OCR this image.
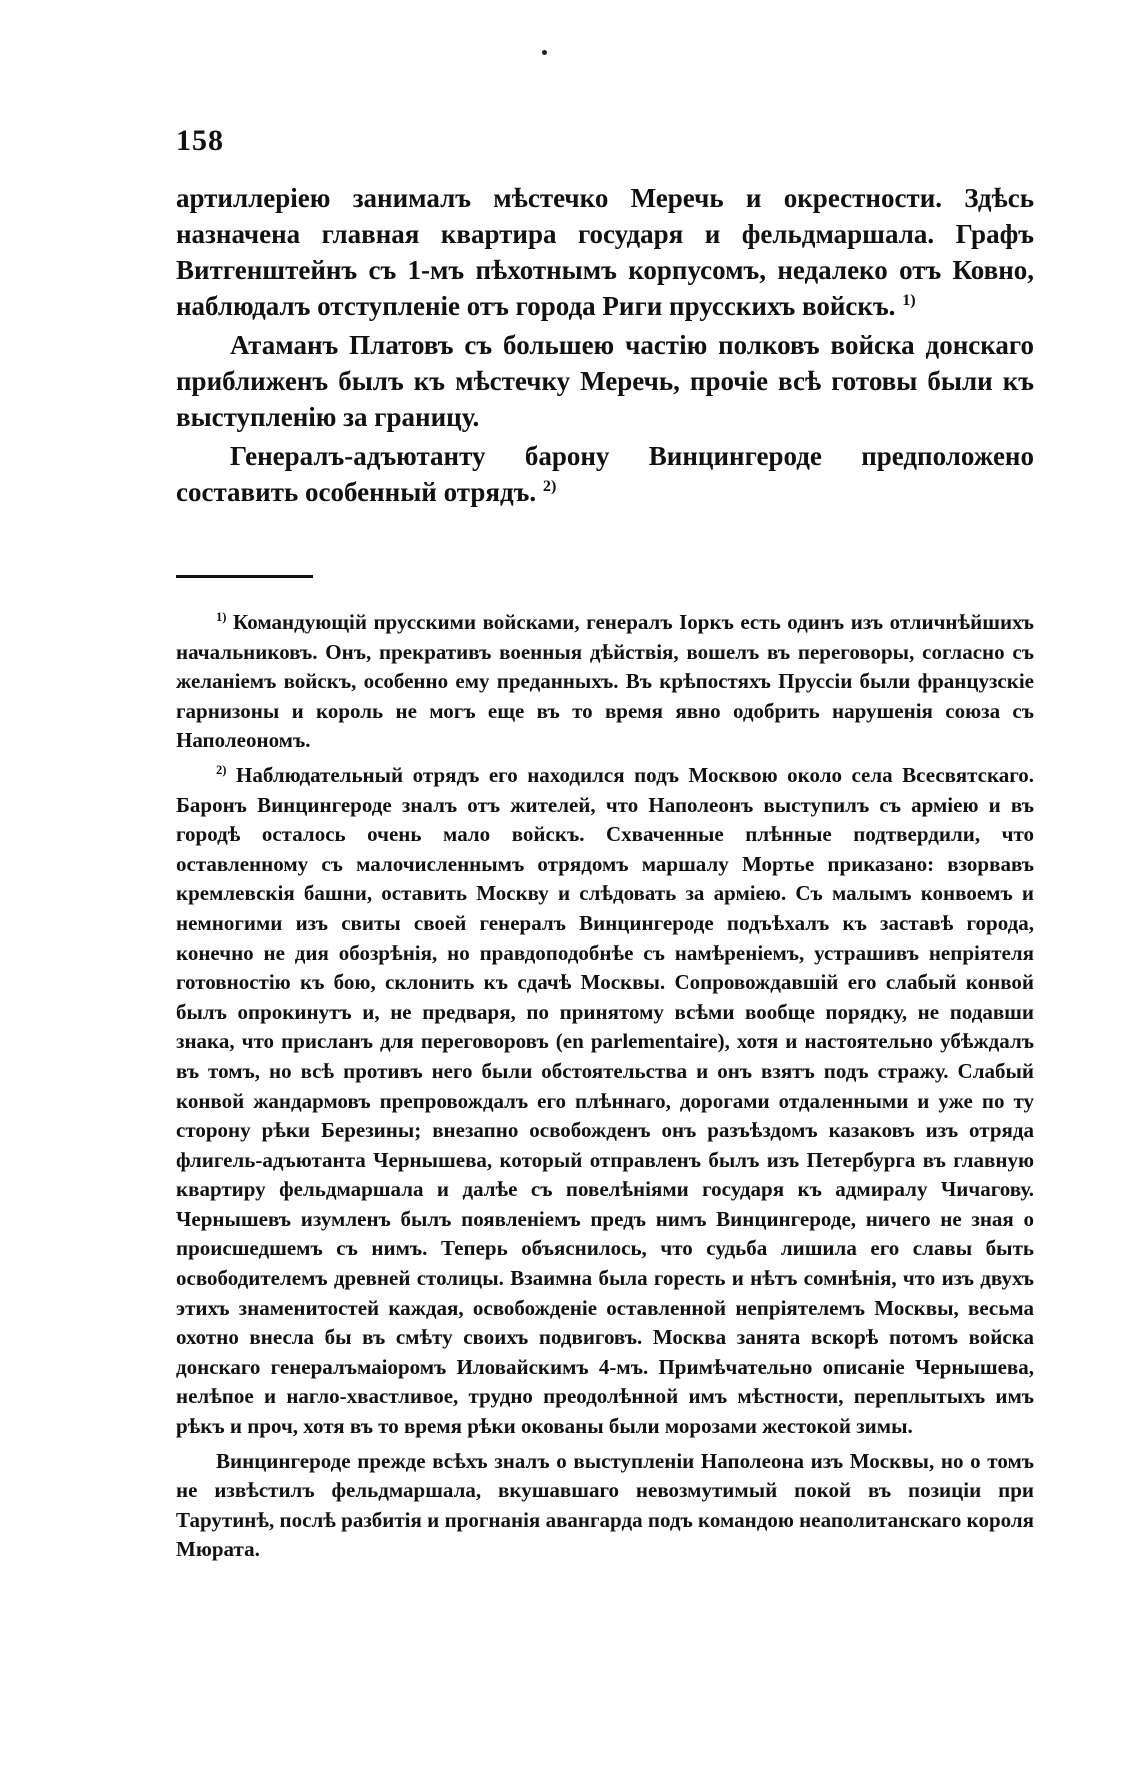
158

артиллеріею занималъ мѣстечко Меречь и окрестности. Здѣсь назначена главная квартира государя и фельдмаршала. Графъ Витгенштейнъ съ 1-мъ пѣхотнымъ корпусомъ, недалеко отъ Ковно, наблюдалъ отступленіе отъ города Риги прусскихъ войскъ. $^{1)}$

Атаманъ Платовъ съ большею частію полковъ войска донскаго приближенъ былъ къ мѣстечку Меречь, прочіе всѣ готовы были къ выступленію за границу.

Генералъ-адъютанту барону Винцингероде предположено составить особенный отрядъ. $^{2)}$

$^{1)}$ Командующій прусскими войсками, генералъ Іоркъ есть одинъ изъ отличнѣйшихъ начальниковъ. Онъ, прекративъ военныя дѣйствія, вошелъ въ переговоры, согласно съ желаніемъ войскъ, особенно ему преданныхъ. Въ крѣпостяхъ Пруссіи были французскіе гарнизоны и король не могъ еще въ то время явно одобрить нарушенія союза съ Наполеономъ.

$^{2)}$ Наблюдательный отрядъ его находился подъ Москвою около села Всесвятскаго. Баронъ Винцингероде зналъ отъ жителей, что Наполеонъ выступилъ съ арміею и въ городѣ осталось очень мало войскъ. Схваченные плѣнные подтвердили, что оставленному съ малочисленнымъ отрядомъ маршалу Мортье приказано: взорвавъ кремлевскія башни, оставить Москву и слѣдовать за арміею. Съ малымъ конвоемъ и немногими изъ свиты своей генералъ Винцингероде подъѣхалъ къ заставѣ города, конечно не дия обозрѣнія, но правдоподобнѣе съ намѣреніемъ, устрашивъ непріятеля готовностію къ бою, склонить къ сдачѣ Москвы. Сопровождавшій его слабый конвой былъ опрокинутъ и, не предваря, по принятому всѣми вообще порядку, не подавши знака, что присланъ для переговоровъ (en parlementaire), хотя и настоятельно убѣждалъ въ томъ, но всѣ противъ него были обстоятельства и онъ взятъ подъ стражу. Слабый конвой жандармовъ препровождалъ его плѣннаго, дорогами отдаленными и уже по ту сторону рѣки Березины; внезапно освобожденъ онъ разъѣздомъ казаковъ изъ отряда флигель-адъютанта Чернышева, который отправленъ былъ изъ Петербурга въ главную квартиру фельдмаршала и далѣе съ повелѣніями государя къ адмиралу Чичагову. Чернышевъ изумленъ былъ появленіемъ предъ нимъ Винцингероде, ничего не зная о происшедшемъ съ нимъ. Теперь объяснилось, что судьба лишила его славы быть освободителемъ древней столицы. Взаимна была горесть и нѣтъ сомнѣнія, что изъ двухъ этихъ знаменитостей каждая, освобожденіе оставленной непріятелемъ Москвы, весьма охотно внесла бы въ смѣту своихъ подвиговъ. Москва занята вскорѣ потомъ войска донскаго генералъмаіоромъ Иловайскимъ 4-мъ. Примѣчательно описаніе Чернышева, нелѣпое и нагло-хвастливое, трудно преодолѣнной имъ мѣстности, переплытыхъ имъ рѣкъ и проч, хотя въ то время рѣки окованы были морозами жестокой зимы.

Винцингероде прежде всѣхъ зналъ о выступленіи Наполеона изъ Москвы, но о томъ не извѣстилъ фельдмаршала, вкушавшаго невозмутимый покой въ позиціи при Тарутинѣ, послѣ разбитія и прогнанія авангарда подъ командою неаполитанскаго короля Мюрата.
